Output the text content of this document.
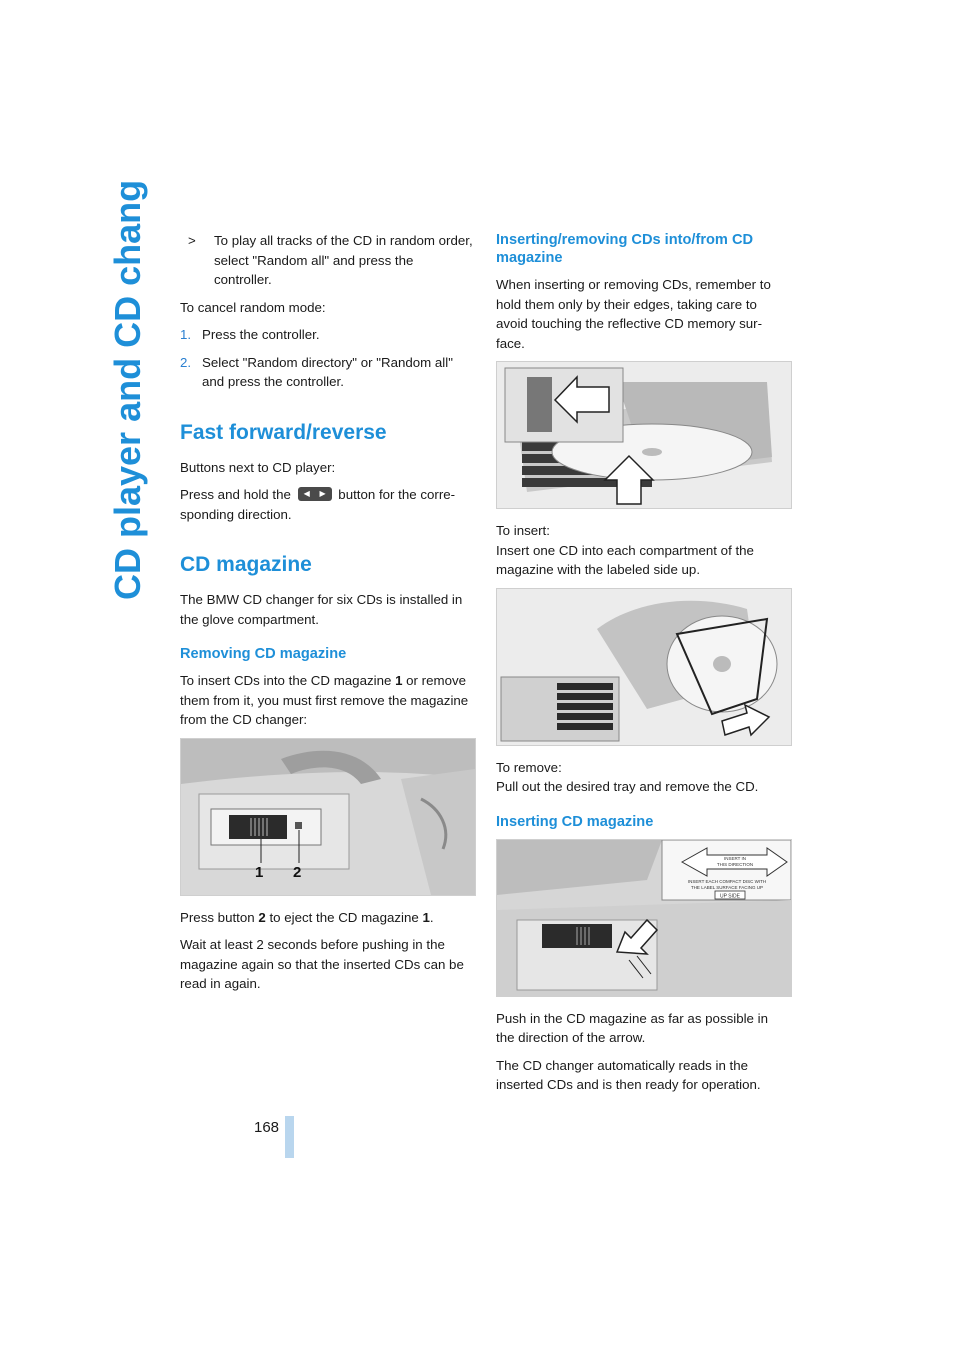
CD player and CD changer
168
>	To play all tracks of the CD in random order, select "Random all" and press the controller.

To cancel random mode:

1. Press the controller.
2. Select "Random directory" or "Random all" and press the controller.
Fast forward/reverse

Buttons next to CD player:

Press and hold the ◀ ▶ button for the corre-sponding direction.

CD magazine

The BMW CD changer for six CDs is installed in the glove compartment.

Removing CD magazine

To insert CDs into the CD magazine 1 or remove them from it, you must first remove the magazine from the CD changer:

1 2

Press button 2 to eject the CD magazine 1.

Wait at least 2 seconds before pushing in the magazine again so that the inserted CDs can be read in again.

Inserting/removing CDs into/from CD magazine

When inserting or removing CDs, remember to hold them only by their edges, taking care to avoid touching the reflective CD memory sur-face.

To insert:

Insert one CD into each compartment of the magazine with the labeled side up.

To remove:

Pull out the desired tray and remove the CD.

Inserting CD magazine
INSERT IN
THIS DIRECTION
INSERT EACH COMPACT DISC WITH
THE LABEL SURFACE FACING UP
UP SIDE

Push in the CD magazine as far as possible in the direction of the arrow.

The CD changer automatically reads in the inserted CDs and is then ready for operation.
